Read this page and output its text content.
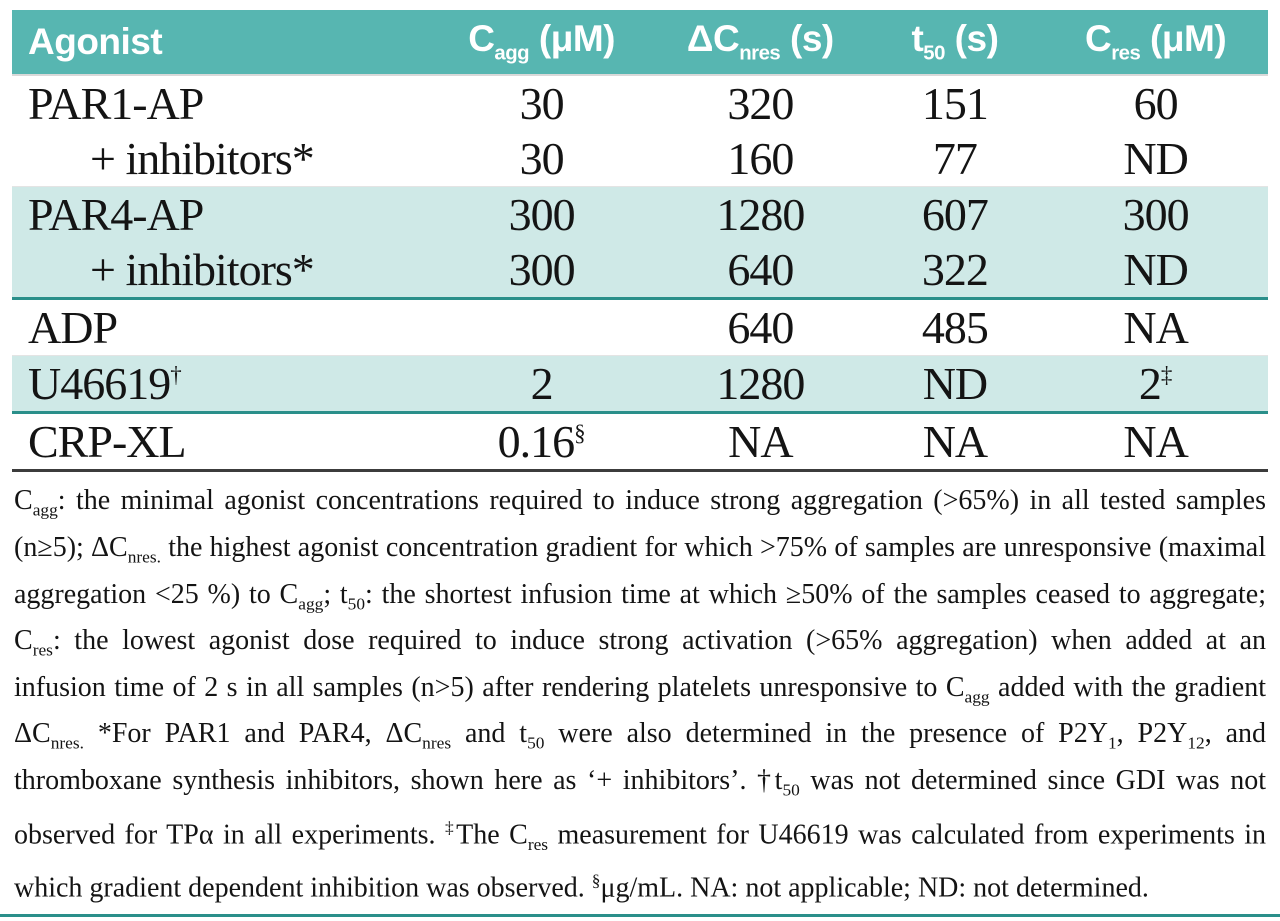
Agonist	$C_{agg}$ (μM)	$\Delta C_{nres}$ (s)	$t_{50}$ (s)	$C_{res}$ (μM)
PAR1-AP	30	320	151	60
+ inhibitors*	30	160	77	ND
PAR4-AP	300	1280	607	300
+ inhibitors*	300	640	322	ND
ADP		640	485	NA
U46619†	2	1280	ND	2‡
CRP-XL	0.16§	NA	NA	NA

$C_{agg}$: the minimal agonist concentrations required to induce strong aggregation (>65%) in all tested samples (n≥5); $\Delta C_{nres.}$ the highest agonist concentration gradient for which >75% of samples are unresponsive (maximal aggregation <25 %) to $C_{agg}$; $t_{50}$: the shortest infusion time at which ≥50% of the samples ceased to aggregate; $C_{res}$: the lowest agonist dose required to induce strong activation (>65% aggregation) when added at an infusion time of 2 s in all samples (n>5) after rendering platelets unresponsive to $C_{agg}$ added with the gradient $\Delta C_{nres.}$ *For PAR1 and PAR4, $\Delta C_{nres}$ and $t_{50}$ were also determined in the presence of $P2Y_1$, $P2Y_{12}$, and thromboxane synthesis inhibitors, shown here as ‘+ inhibitors’. $\dagger t_{50}$ was not determined since GDI was not observed for TPα in all experiments. ‡The $C_{res}$ measurement for U46619 was calculated from experiments in which gradient dependent inhibition was observed. §μg/mL. NA: not applicable; ND: not determined.
